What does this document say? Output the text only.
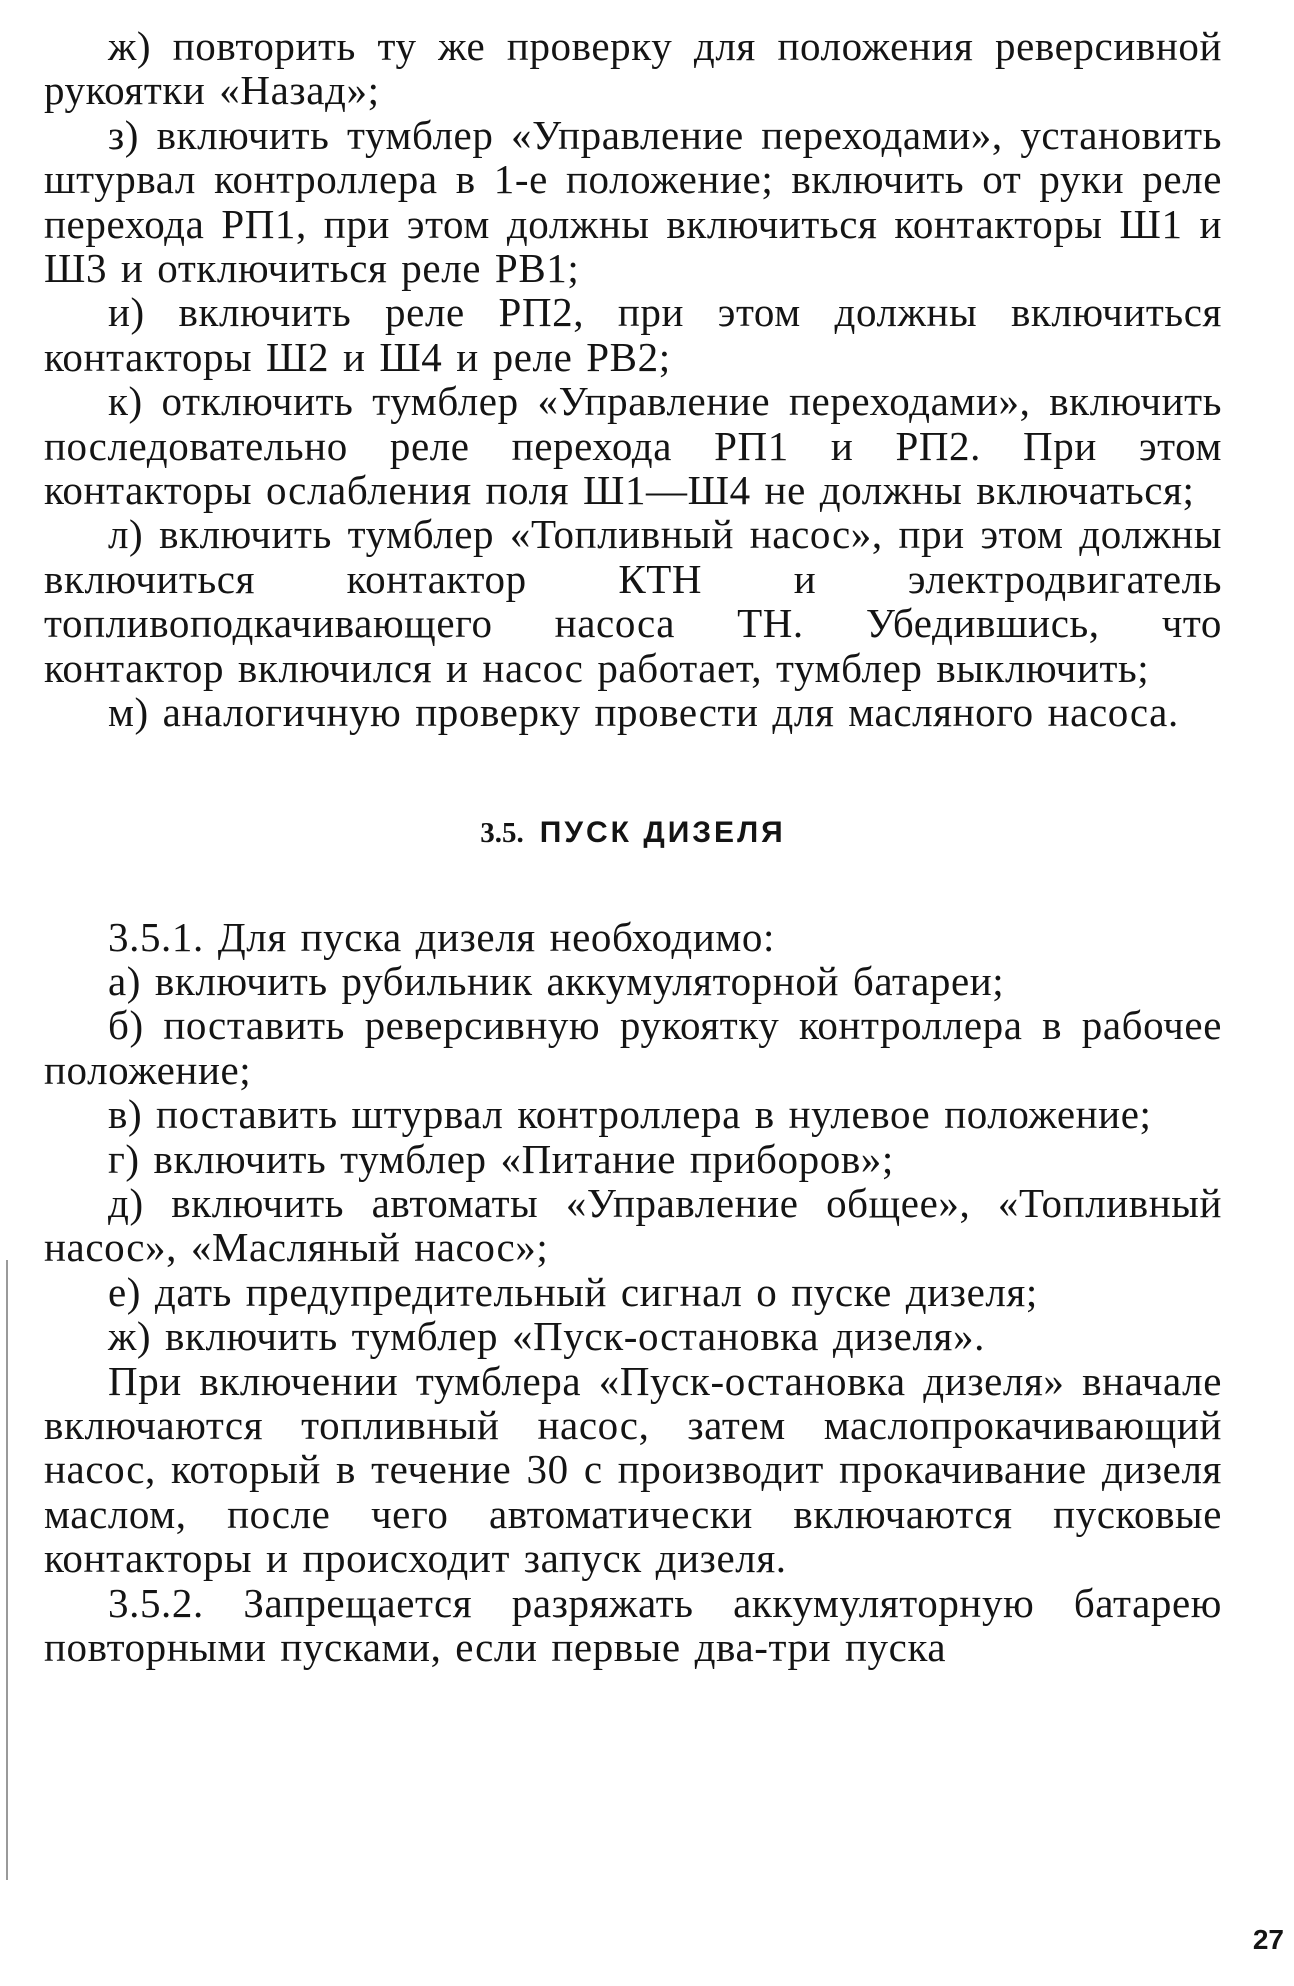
ж) повторить ту же проверку для положения реверсивной рукоятки «Назад»;

з) включить тумблер «Управление переходами», установить штурвал контроллера в 1-е положение; включить от руки реле перехода РП1, при этом должны включиться контакторы Ш1 и Ш3 и отключиться реле РВ1;

и) включить реле РП2, при этом должны включиться контакторы Ш2 и Ш4 и реле РВ2;

к) отключить тумблер «Управление переходами», включить последовательно реле перехода РП1 и РП2. При этом контакторы ослабления поля Ш1—Ш4 не должны включаться;

л) включить тумблер «Топливный насос», при этом должны включиться контактор КТН и электродвигатель топливоподкачивающего насоса ТН. Убедившись, что контактор включился и насос работает, тумблер выключить;

м) аналогичную проверку провести для масляного насоса.

3.5. ПУСК ДИЗЕЛЯ

3.5.1. Для пуска дизеля необходимо:

а) включить рубильник аккумуляторной батареи;

б) поставить реверсивную рукоятку контроллера в рабочее положение;

в) поставить штурвал контроллера в нулевое положение;

г) включить тумблер «Питание приборов»;

д) включить автоматы «Управление общее», «Топливный насос», «Масляный насос»;

е) дать предупредительный сигнал о пуске дизеля;

ж) включить тумблер «Пуск-остановка дизеля».

При включении тумблера «Пуск-остановка дизеля» вначале включаются топливный насос, затем маслопрокачивающий насос, который в течение 30 с производит прокачивание дизеля маслом, после чего автоматически включаются пусковые контакторы и происходит запуск дизеля.

3.5.2. Запрещается разряжать аккумуляторную батарею повторными пусками, если первые два-три пуска

27
